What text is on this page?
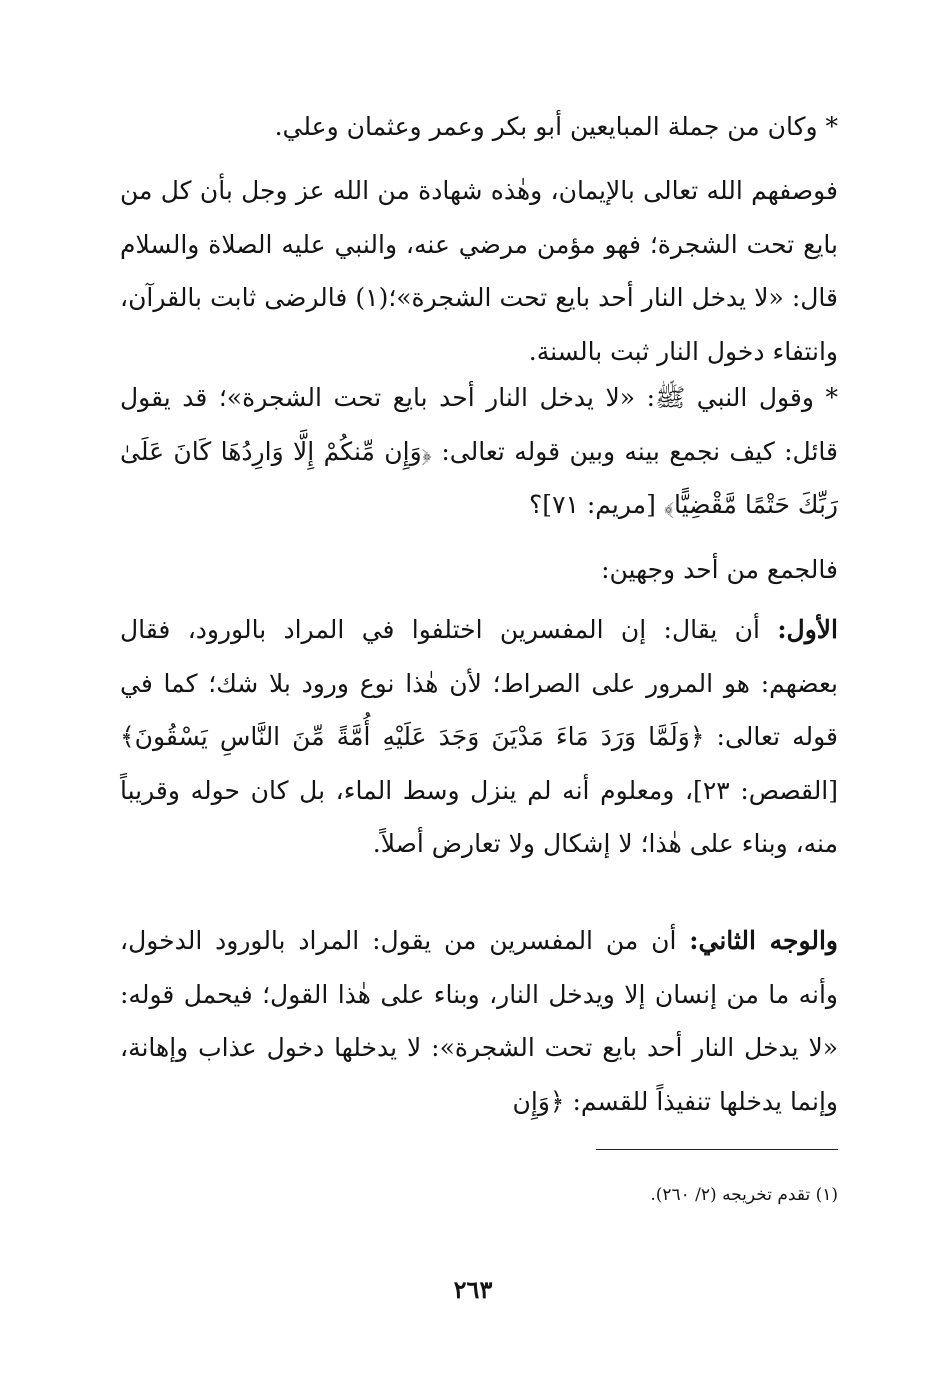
* وكان من جملة المبايعين أبو بكر وعمر وعثمان وعلي.

فوصفهم الله تعالى بالإيمان، وهٰذه شهادة من الله عز وجل بأن كل من بايع تحت الشجرة؛ فهو مؤمن مرضي عنه، والنبي عليه الصلاة والسلام قال: «لا يدخل النار أحد بايع تحت الشجرة»؛(١) فالرضى ثابت بالقرآن، وانتفاء دخول النار ثبت بالسنة.

* وقول النبي ﷺ: «لا يدخل النار أحد بايع تحت الشجرة»؛ قد يقول قائل: كيف نجمع بينه وبين قوله تعالى: ﴿وَإِن مِّنكُمْ إِلَّا وَارِدُهَا كَانَ عَلَىٰ رَبِّكَ حَتْمًا مَّقْضِيًّا﴾ [مريم: ٧١]؟

فالجمع من أحد وجهين:

الأول: أن يقال: إن المفسرين اختلفوا في المراد بالورود، فقال بعضهم: هو المرور على الصراط؛ لأن هٰذا نوع ورود بلا شك؛ كما في قوله تعالى: ﴿وَلَمَّا وَرَدَ مَاءَ مَدْيَنَ وَجَدَ عَلَيْهِ أُمَّةً مِّنَ النَّاسِ يَسْقُونَ﴾ [القصص: ٢٣]، ومعلوم أنه لم ينزل وسط الماء، بل كان حوله وقريباً منه، وبناء على هٰذا؛ لا إشكال ولا تعارض أصلاً.

والوجه الثاني: أن من المفسرين من يقول: المراد بالورود الدخول، وأنه ما من إنسان إلا ويدخل النار، وبناء على هٰذا القول؛ فيحمل قوله: «لا يدخل النار أحد بايع تحت الشجرة»: لا يدخلها دخول عذاب وإهانة، وإنما يدخلها تنفيذاً للقسم: ﴿وَإِن

(١) تقدم تخريجه (٢/ ٢٦٠).
٢٦٣
